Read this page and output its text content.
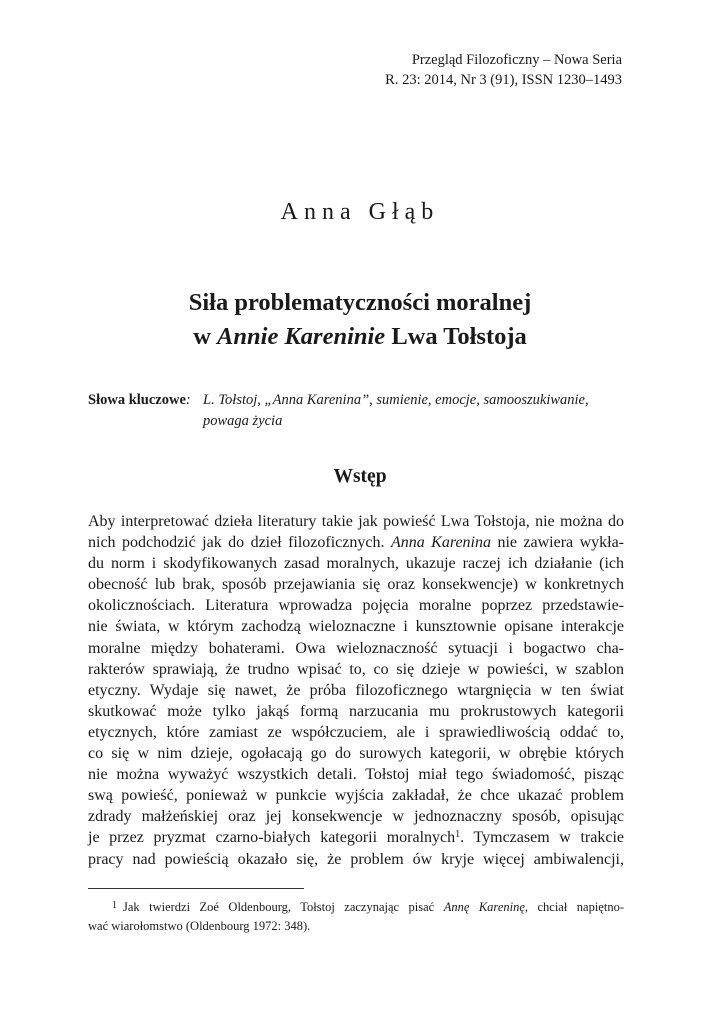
Przegląd Filozoficzny – Nowa Seria
R. 23: 2014, Nr 3 (91), ISSN 1230–1493
Anna Głąb
Siła problematyczności moralnej
w Annie Kareninie Lwa Tołstoja
Słowa kluczowe: L. Tołstoj, „Anna Karenina”, sumienie, emocje, samooszukiwanie,
powaga życia
Wstęp
Aby interpretować dzieła literatury takie jak powieść Lwa Tołstoja, nie można do
nich podchodzić jak do dzieł filozoficznych. Anna Karenina nie zawiera wykła-
du norm i skodyfikowanych zasad moralnych, ukazuje raczej ich działanie (ich
obecność lub brak, sposób przejawiania się oraz konsekwencje) w konkretnych
okolicznościach. Literatura wprowadza pojęcia moralne poprzez przedstawie-
nie świata, w którym zachodzą wieloznaczne i kunsztownie opisane interakcje
moralne między bohaterami. Owa wieloznaczność sytuacji i bogactwo cha-
rakterów sprawiają, że trudno wpisać to, co się dzieje w powieści, w szablon
etyczny. Wydaje się nawet, że próba filozoficznego wtargnięcia w ten świat
skutkować może tylko jakąś formą narzucania mu prokrustowych kategorii
etycznych, które zamiast ze współczuciem, ale i sprawiedliwością oddać to,
co się w nim dzieje, ogołacają go do surowych kategorii, w obrębie których
nie można wyważyć wszystkich detali. Tołstoj miał tego świadomość, pisząc
swą powieść, ponieważ w punkcie wyjścia zakładał, że chce ukazać problem
zdrady małżeńskiej oraz jej konsekwencje w jednoznaczny sposób, opisując
je przez pryzmat czarno-białych kategorii moralnych$^1$. Tymczasem w trakcie
pracy nad powieścią okazało się, że problem ów kryje więcej ambiwalencji,
$^1$ Jak twierdzi Zoé Oldenbourg, Tołstoj zaczynając pisać Annę Kareninę, chciał napiętno-
wać wiarołomstwo (Oldenbourg 1972: 348).
